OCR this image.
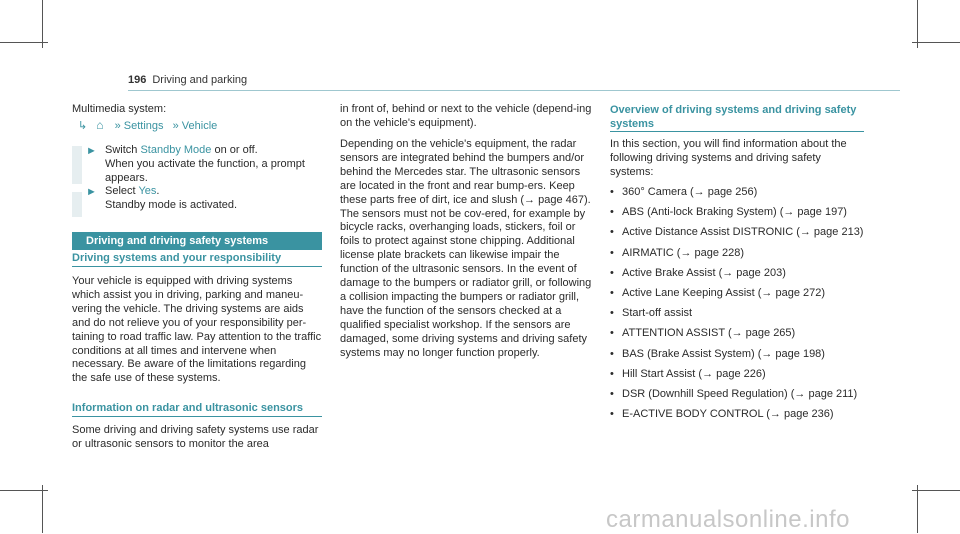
196 Driving and parking
Multimedia system:
↳ ⌂ » Settings » Vehicle
► Switch Standby Mode on or off.
When you activate the function, a prompt appears.
► Select Yes.
Standby mode is activated.
Driving and driving safety systems
Driving systems and your responsibility

Your vehicle is equipped with driving systems which assist you in driving, parking and maneu-vering the vehicle. The driving systems are aids and do not relieve you of your responsibility per-taining to road traffic law. Pay attention to the traffic conditions at all times and intervene when necessary. Be aware of the limitations regarding the safe use of these systems.

Information on radar and ultrasonic sensors

Some driving and driving safety systems use radar or ultrasonic sensors to monitor the area

in front of, behind or next to the vehicle (depend-ing on the vehicle's equipment).

Depending on the vehicle's equipment, the radar sensors are integrated behind the bumpers and/or behind the Mercedes star. The ultrasonic sensors are located in the front and rear bump-ers. Keep these parts free of dirt, ice and slush (→ page 467). The sensors must not be cov-ered, for example by bicycle racks, overhanging loads, stickers, foil or foils to protect against stone chipping. Additional license plate brackets can likewise impair the function of the ultrasonic sensors. In the event of damage to the bumpers or radiator grill, or following a collision impacting the bumpers or radiator grill, have the function of the sensors checked at a qualified specialist workshop. If the sensors are damaged, some driving systems and driving safety systems may no longer function properly.

Overview of driving systems and driving safety systems

In this section, you will find information about the following driving systems and driving safety systems:

• 360° Camera (→ page 256)
• ABS (Anti-lock Braking System) (→ page 197)
• Active Distance Assist DISTRONIC (→ page 213)
• AIRMATIC (→ page 228)
• Active Brake Assist (→ page 203)
• Active Lane Keeping Assist (→ page 272)
• Start-off assist
• ATTENTION ASSIST (→ page 265)
• BAS (Brake Assist System) (→ page 198)
• Hill Start Assist (→ page 226)
• DSR (Downhill Speed Regulation) (→ page 211)
• E-ACTIVE BODY CONTROL (→ page 236)
carmanualsonline.info
